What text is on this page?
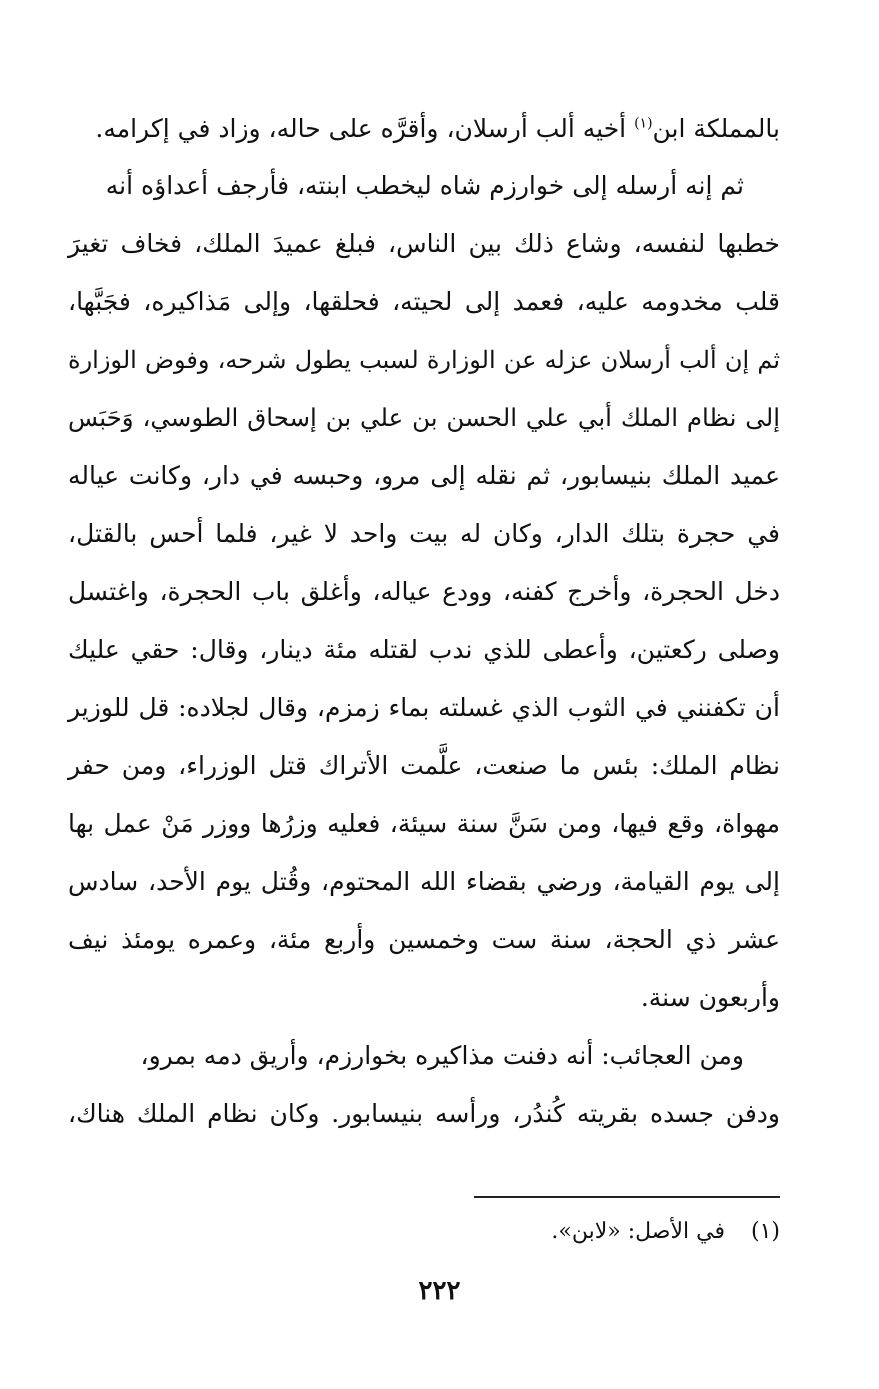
بالمملكة ابن$^{(١)}$ أخيه ألب أرسلان، وأقرَّه على حاله، وزاد في إكرامه.
ثم إنه أرسله إلى خوارزم شاه ليخطب ابنته، فأرجف أعداؤه أنه
خطبها لنفسه، وشاع ذلك بين الناس، فبلغ عميدَ الملك، فخاف تغيرَ
قلب مخدومه عليه، فعمد إلى لحيته، فحلقها، وإلى مَذاكيره، فجَبَّها،
ثم إن ألب أرسلان عزله عن الوزارة لسبب يطول شرحه، وفوض الوزارة
إلى نظام الملك أبي علي الحسن بن علي بن إسحاق الطوسي، وَحَبَس
عميد الملك بنيسابور، ثم نقله إلى مرو، وحبسه في دار، وكانت عياله
في حجرة بتلك الدار، وكان له بيت واحد لا غير، فلما أحس بالقتل،
دخل الحجرة، وأخرج كفنه، وودع عياله، وأغلق باب الحجرة، واغتسل
وصلى ركعتين، وأعطى للذي ندب لقتله مئة دينار، وقال: حقي عليك
أن تكفنني في الثوب الذي غسلته بماء زمزم، وقال لجلاده: قل للوزير
نظام الملك: بئس ما صنعت، علَّمت الأتراك قتل الوزراء، ومن حفر
مهواة، وقع فيها، ومن سَنَّ سنة سيئة، فعليه وزرُها ووزر مَنْ عمل بها
إلى يوم القيامة، ورضي بقضاء الله المحتوم، وقُتل يوم الأحد، سادس
عشر ذي الحجة، سنة ست وخمسين وأربع مئة، وعمره يومئذ نيف
وأربعون سنة.
ومن العجائب: أنه دفنت مذاكيره بخوارزم، وأريق دمه بمرو،
ودفن جسده بقريته كُندُر، ورأسه بنيسابور. وكان نظام الملك هناك،
(١)في الأصل: «لابن».
٢٢٢
